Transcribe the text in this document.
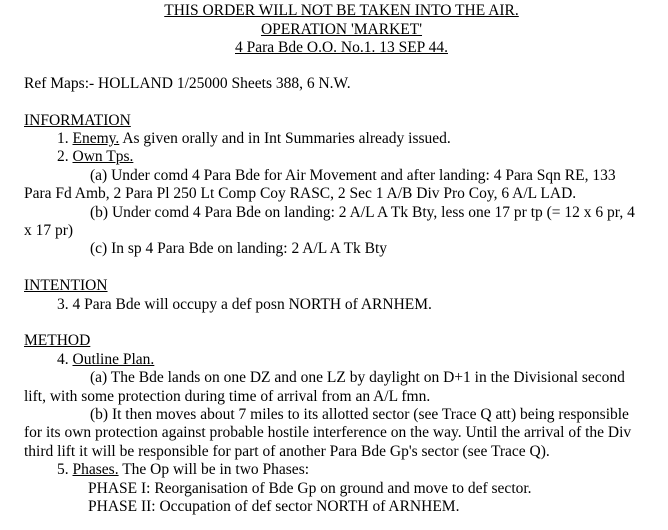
THIS ORDER WILL NOT BE TAKEN INTO THE AIR.
OPERATION 'MARKET'
4 Para Bde O.O. No.1. 13 SEP 44.
Ref Maps:- HOLLAND 1/25000 Sheets 388, 6 N.W.
INFORMATION
1. Enemy. As given orally and in Int Summaries already issued.
2. Own Tps.
(a) Under comd 4 Para Bde for Air Movement and after landing: 4 Para Sqn RE, 133
Para Fd Amb, 2 Para Pl 250 Lt Comp Coy RASC, 2 Sec 1 A/B Div Pro Coy, 6 A/L LAD.
(b) Under comd 4 Para Bde on landing: 2 A/L A Tk Bty, less one 17 pr tp (= 12 x 6 pr, 4
x 17 pr)
(c) In sp 4 Para Bde on landing: 2 A/L A Tk Bty
INTENTION
3. 4 Para Bde will occupy a def posn NORTH of ARNHEM.
METHOD
4. Outline Plan.
(a) The Bde lands on one DZ and one LZ by daylight on D+1 in the Divisional second
lift, with some protection during time of arrival from an A/L fmn.
(b) It then moves about 7 miles to its allotted sector (see Trace Q att) being responsible
for its own protection against probable hostile interference on the way. Until the arrival of the Div
third lift it will be responsible for part of another Para Bde Gp's sector (see Trace Q).
5. Phases. The Op will be in two Phases:
PHASE I: Reorganisation of Bde Gp on ground and move to def sector.
PHASE II: Occupation of def sector NORTH of ARNHEM.
